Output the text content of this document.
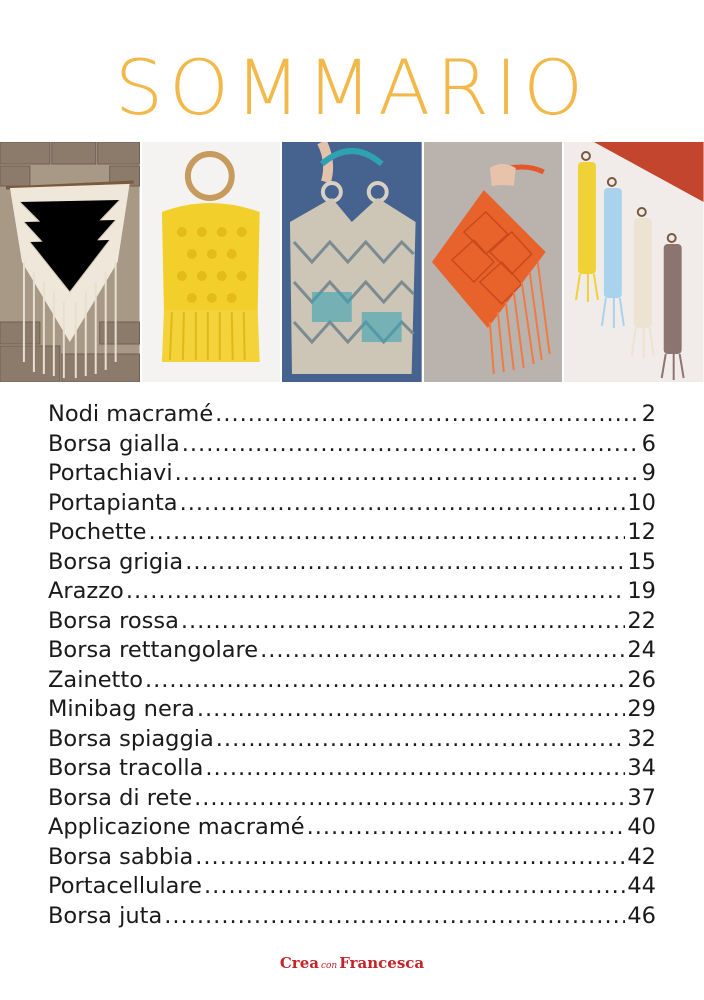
SOMMARIO
Nodi macramé .....	2
Borsa gialla .....	6
Portachiavi .....	9
Portapianta .....	10
Pochette .....	12
Borsa grigia .....	15
Arazzo .....	19
Borsa rossa .....	22
Borsa rettangolare .....	24
Zainetto .....	26
Minibag nera .....	29
Borsa spiaggia .....	32
Borsa tracolla .....	34
Borsa di rete .....	37
Applicazione macramé .....	40
Borsa sabbia .....	42
Portacellulare .....	44
Borsa juta .....	46
Crea con Francesca
